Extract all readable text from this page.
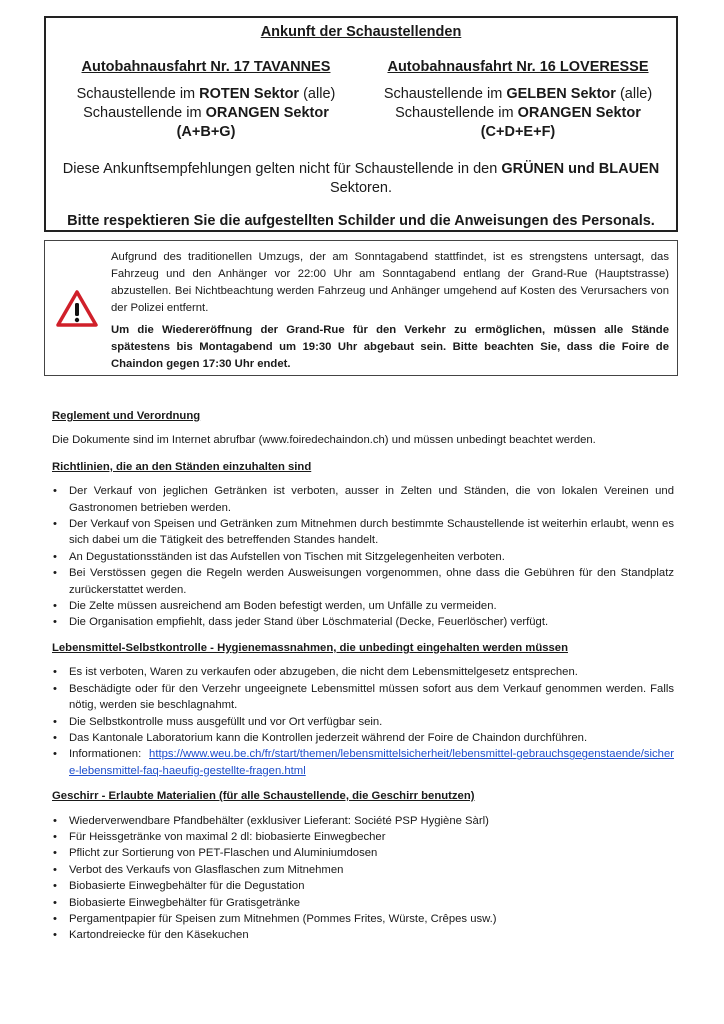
Ankunft der Schaustellenden
Autobahnausfahrt Nr. 17 TAVANNES
Schaustellende im ROTEN Sektor (alle)
Schaustellende im ORANGEN Sektor
(A+B+G)
Autobahnausfahrt Nr. 16 LOVERESSE
Schaustellende im GELBEN Sektor (alle)
Schaustellende im ORANGEN Sektor
(C+D+E+F)
Diese Ankunftsempfehlungen gelten nicht für Schaustellende in den GRÜNEN und BLAUEN Sektoren.
Bitte respektieren Sie die aufgestellten Schilder und die Anweisungen des Personals.

Aufgrund des traditionellen Umzugs, der am Sonntagabend stattfindet, ist es strengstens untersagt, das Fahrzeug und den Anhänger vor 22:00 Uhr am Sonntagabend entlang der Grand-Rue (Hauptstrasse) abzustellen. Bei Nichtbeachtung werden Fahrzeug und Anhänger umgehend auf Kosten des Verursachers von der Polizei entfernt.

Um die Wiedereröffnung der Grand-Rue für den Verkehr zu ermöglichen, müssen alle Stände spätestens bis Montagabend um 19:30 Uhr abgebaut sein. Bitte beachten Sie, dass die Foire de Chaindon gegen 17:30 Uhr endet.

Reglement und Verordnung
Die Dokumente sind im Internet abrufbar (www.foiredechaindon.ch) und müssen unbedingt beachtet werden.
Richtlinien, die an den Ständen einzuhalten sind
• Der Verkauf von jeglichen Getränken ist verboten, ausser in Zelten und Ständen, die von lokalen Vereinen und Gastronomen betrieben werden.
• Der Verkauf von Speisen und Getränken zum Mitnehmen durch bestimmte Schaustellende ist weiterhin erlaubt, wenn es sich dabei um die Tätigkeit des betreffenden Standes handelt.
• An Degustationsständen ist das Aufstellen von Tischen mit Sitzgelegenheiten verboten.
• Bei Verstössen gegen die Regeln werden Ausweisungen vorgenommen, ohne dass die Gebühren für den Standplatz zurückerstattet werden.
• Die Zelte müssen ausreichend am Boden befestigt werden, um Unfälle zu vermeiden.
• Die Organisation empfiehlt, dass jeder Stand über Löschmaterial (Decke, Feuerlöscher) verfügt.
Lebensmittel-Selbstkontrolle - Hygienemassnahmen, die unbedingt eingehalten werden müssen
• Es ist verboten, Waren zu verkaufen oder abzugeben, die nicht dem Lebensmittelgesetz entsprechen.
• Beschädigte oder für den Verzehr ungeeignete Lebensmittel müssen sofort aus dem Verkauf genommen werden. Falls nötig, werden sie beschlagnahmt.
• Die Selbstkontrolle muss ausgefüllt und vor Ort verfügbar sein.
• Das Kantonale Laboratorium kann die Kontrollen jederzeit während der Foire de Chaindon durchführen.
• Informationen: https://www.weu.be.ch/fr/start/themen/lebensmittelsicherheit/lebensmittel-gebrauchsgegenstaende/sichere-lebensmittel-faq-haeufig-gestellte-fragen.html
Geschirr - Erlaubte Materialien (für alle Schaustellende, die Geschirr benutzen)
• Wiederverwendbare Pfandbehälter (exklusiver Lieferant: Société PSP Hygiène Sàrl)
• Für Heissgetränke von maximal 2 dl: biobasierte Einwegbecher
• Pflicht zur Sortierung von PET-Flaschen und Aluminiumdosen
• Verbot des Verkaufs von Glasflaschen zum Mitnehmen
• Biobasierte Einwegbehälter für die Degustation
• Biobasierte Einwegbehälter für Gratisgetränke
• Pergamentpapier für Speisen zum Mitnehmen (Pommes Frites, Würste, Crêpes usw.)
• Kartondreiecke für den Käsekuchen
